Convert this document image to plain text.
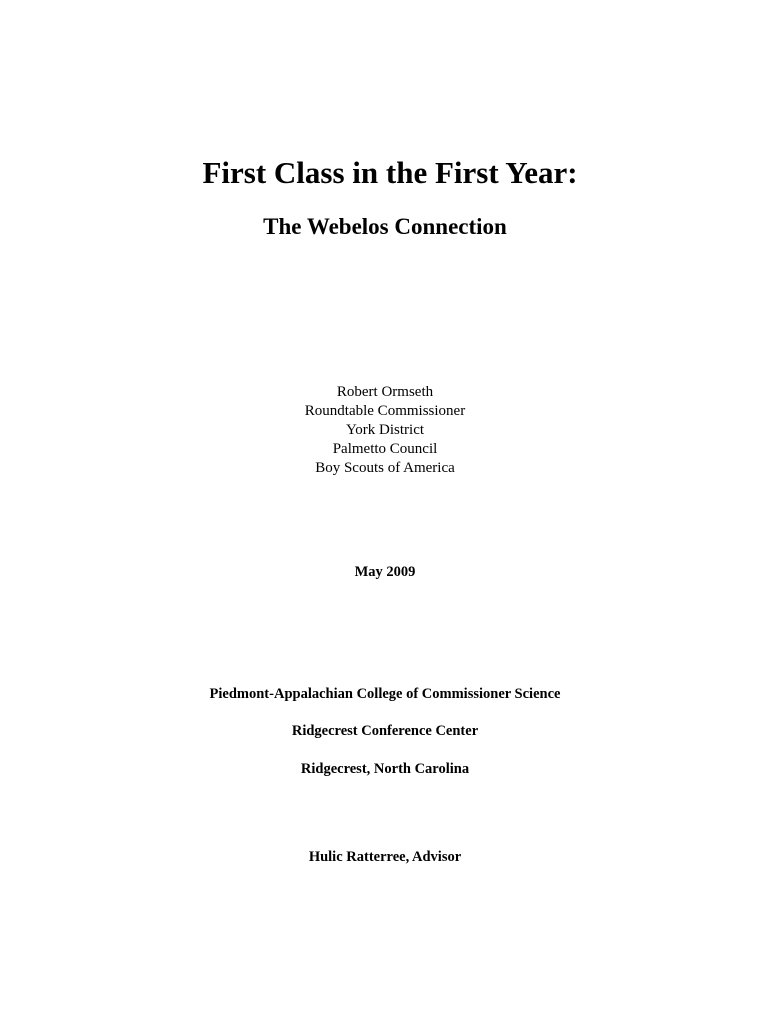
First Class in the First Year:
The Webelos Connection
Robert Ormseth
Roundtable Commissioner
York District
Palmetto Council
Boy Scouts of America
May 2009
Piedmont-Appalachian College of Commissioner Science
Ridgecrest Conference Center
Ridgecrest, North Carolina
Hulic Ratterree, Advisor
